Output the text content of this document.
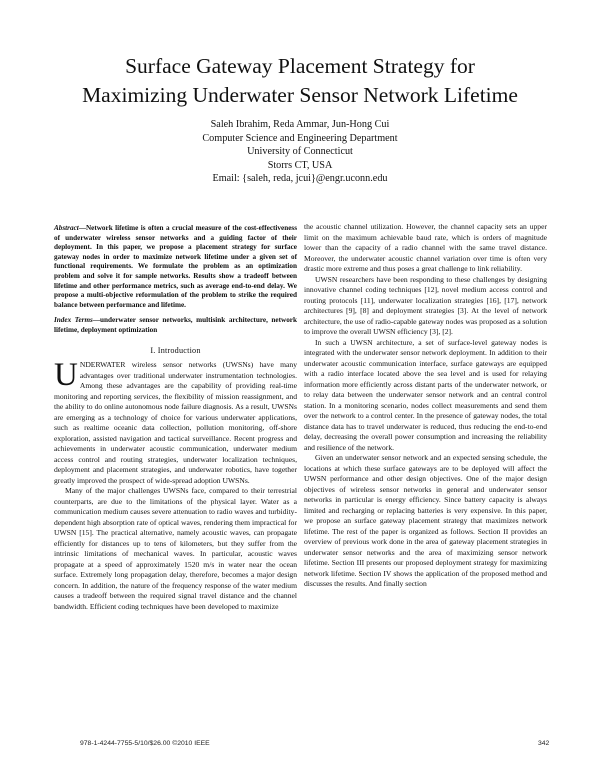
Surface Gateway Placement Strategy for
Maximizing Underwater Sensor Network Lifetime
Saleh Ibrahim, Reda Ammar, Jun-Hong Cui
Computer Science and Engineering Department
University of Connecticut
Storrs CT, USA
Email: {saleh, reda, jcui}@engr.uconn.edu

Abstract—Network lifetime is often a crucial measure of the cost-effectiveness of underwater wireless sensor networks and a guiding factor of their deployment. In this paper, we propose a placement strategy for surface gateway nodes in order to maximize network lifetime under a given set of functional requirements. We formulate the problem as an optimization problem and solve it for sample networks. Results show a tradeoff between lifetime and other performance metrics, such as average end-to-end delay. We propose a multi-objective reformulation of the problem to strike the required balance between performance and lifetime.

Index Terms—underwater sensor networks, multisink architecture, network lifetime, deployment optimization

I. Introduction

UNDERWATER wireless sensor networks (UWSNs) have many advantages over traditional underwater instrumentation technologies. Among these advantages are the capability of providing real-time monitoring and reporting services, the flexibility of mission reassignment, and the ability to do online autonomous node failure diagnosis. As a result, UWSNs are emerging as a technology of choice for various underwater applications, such as realtime oceanic data collection, pollution monitoring, off-shore exploration, assisted navigation and tactical surveillance. Recent progress and achievements in underwater acoustic communication, underwater medium access control and routing strategies, underwater localization techniques, deployment and placement strategies, and underwater robotics, have together greatly improved the prospect of wide-spread adoption UWSNs.

Many of the major challenges UWSNs face, compared to their terrestrial counterparts, are due to the limitations of the physical layer. Water as a communication medium causes severe attenuation to radio waves and turbidity-dependent high absorption rate of optical waves, rendering them impractical for UWSN [15]. The practical alternative, namely acoustic waves, can propagate efficiently for distances up to tens of kilometers, but they suffer from the intrinsic limitations of mechanical waves. In particular, acoustic waves propagate at a speed of approximately 1520 m/s in water near the ocean surface. Extremely long propagation delay, therefore, becomes a major design concern. In addition, the nature of the frequency response of the water medium causes a tradeoff between the required signal travel distance and the channel bandwidth. Efficient coding techniques have been developed to maximize

the acoustic channel utilization. However, the channel capacity sets an upper limit on the maximum achievable baud rate, which is orders of magnitude lower than the capacity of a radio channel with the same travel distance. Moreover, the underwater acoustic channel variation over time is often very drastic more extreme and thus poses a great challenge to link reliability.

UWSN researchers have been responding to these challenges by designing innovative channel coding techniques [12], novel medium access control and routing protocols [11], underwater localization strategies [16], [17], network architectures [9], [8] and deployment strategies [3]. At the level of network architecture, the use of radio-capable gateway nodes was proposed as a solution to improve the overall UWSN efficiency [3], [2].

In such a UWSN architecture, a set of surface-level gateway nodes is integrated with the underwater sensor network deployment. In addition to their underwater acoustic communication interface, surface gateways are equipped with a radio interface located above the sea level and is used for relaying information more efficiently across distant parts of the underwater network, or to relay data between the underwater sensor network and an central control station. In a monitoring scenario, nodes collect measurements and send them over the network to a control center. In the presence of gateway nodes, the total distance data has to travel underwater is reduced, thus reducing the end-to-end delay, decreasing the overall power consumption and increasing the reliability and resilience of the network.

Given an underwater sensor network and an expected sensing schedule, the locations at which these surface gateways are to be deployed will affect the UWSN performance and other design objectives. One of the major design objectives of wireless sensor networks in general and underwater sensor networks in particular is energy efficiency. Since battery capacity is always limited and recharging or replacing batteries is very expensive. In this paper, we propose an surface gateway placement strategy that maximizes network lifetime. The rest of the paper is organized as follows. Section II provides an overview of previous work done in the area of gateway placement strategies in underwater sensor networks and the area of maximizing sensor network lifetime. Section III presents our proposed deployment strategy for maximizing network lifetime. Section IV shows the application of the proposed method and discusses the results. And finally section

978-1-4244-7755-5/10/$26.00 ©2010 IEEE	342
